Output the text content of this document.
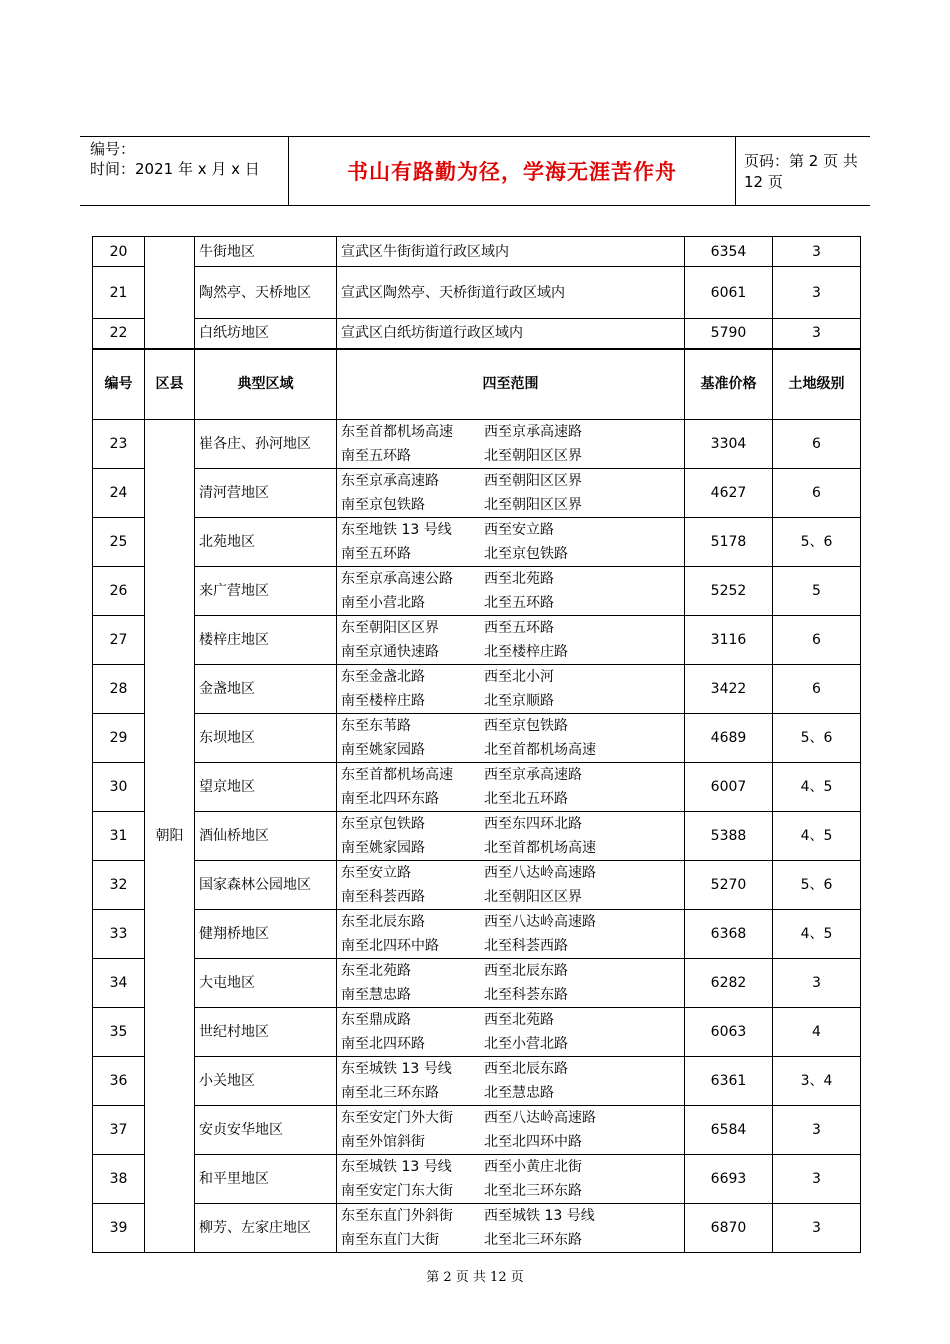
编号：
时间：2021 年 x 月 x 日	书山有路勤为径，学海无涯苦作舟	页码：第 2 页 共 12 页
20		牛街地区	宣武区牛街街道行政区域内	6354	3
21		陶然亭、天桥地区	宣武区陶然亭、天桥街道行政区域内	6061	3
22		白纸坊地区	宣武区白纸坊街道行政区域内	5790	3
编号	区县	典型区域	四至范围	基准价格	土地级别
23	朝阳	崔各庄、孙河地区	东至首都机场高速 西至京承高速路
南至五环路 北至朝阳区区界	3304	6
24		清河营地区	东至京承高速路 西至朝阳区区界
南至京包铁路 北至朝阳区区界	4627	6
25		北苑地区	东至地铁 13 号线 西至安立路
南至五环路 北至京包铁路	5178	5、6
26		来广营地区	东至京承高速公路 西至北苑路
南至小营北路 北至五环路	5252	5
27		楼梓庄地区	东至朝阳区区界 西至五环路
南至京通快速路 北至楼梓庄路	3116	6
28		金盏地区	东至金盏北路 西至北小河
南至楼梓庄路 北至京顺路	3422	6
29		东坝地区	东至东苇路 西至京包铁路
南至姚家园路 北至首都机场高速	4689	5、6
30		望京地区	东至首都机场高速 西至京承高速路
南至北四环东路 北至北五环路	6007	4、5
31		酒仙桥地区	东至京包铁路 西至东四环北路
南至姚家园路 北至首都机场高速	5388	4、5
32		国家森林公园地区	东至安立路 西至八达岭高速路
南至科荟西路 北至朝阳区区界	5270	5、6
33		健翔桥地区	东至北辰东路 西至八达岭高速路
南至北四环中路 北至科荟西路	6368	4、5
34		大屯地区	东至北苑路 西至北辰东路
南至慧忠路 北至科荟东路	6282	3
35		世纪村地区	东至鼎成路 西至北苑路
南至北四环路 北至小营北路	6063	4
36		小关地区	东至城铁 13 号线 西至北辰东路
南至北三环东路 北至慧忠路	6361	3、4
37		安贞安华地区	东至安定门外大街 西至八达岭高速路
南至外馆斜街 北至北四环中路	6584	3
38		和平里地区	东至城铁 13 号线 西至小黄庄北街
南至安定门东大街 北至北三环东路	6693	3
39		柳芳、左家庄地区	东至东直门外斜街 西至城铁 13 号线
南至东直门大街 北至北三环东路	6870	3
第 2 页 共 12 页
